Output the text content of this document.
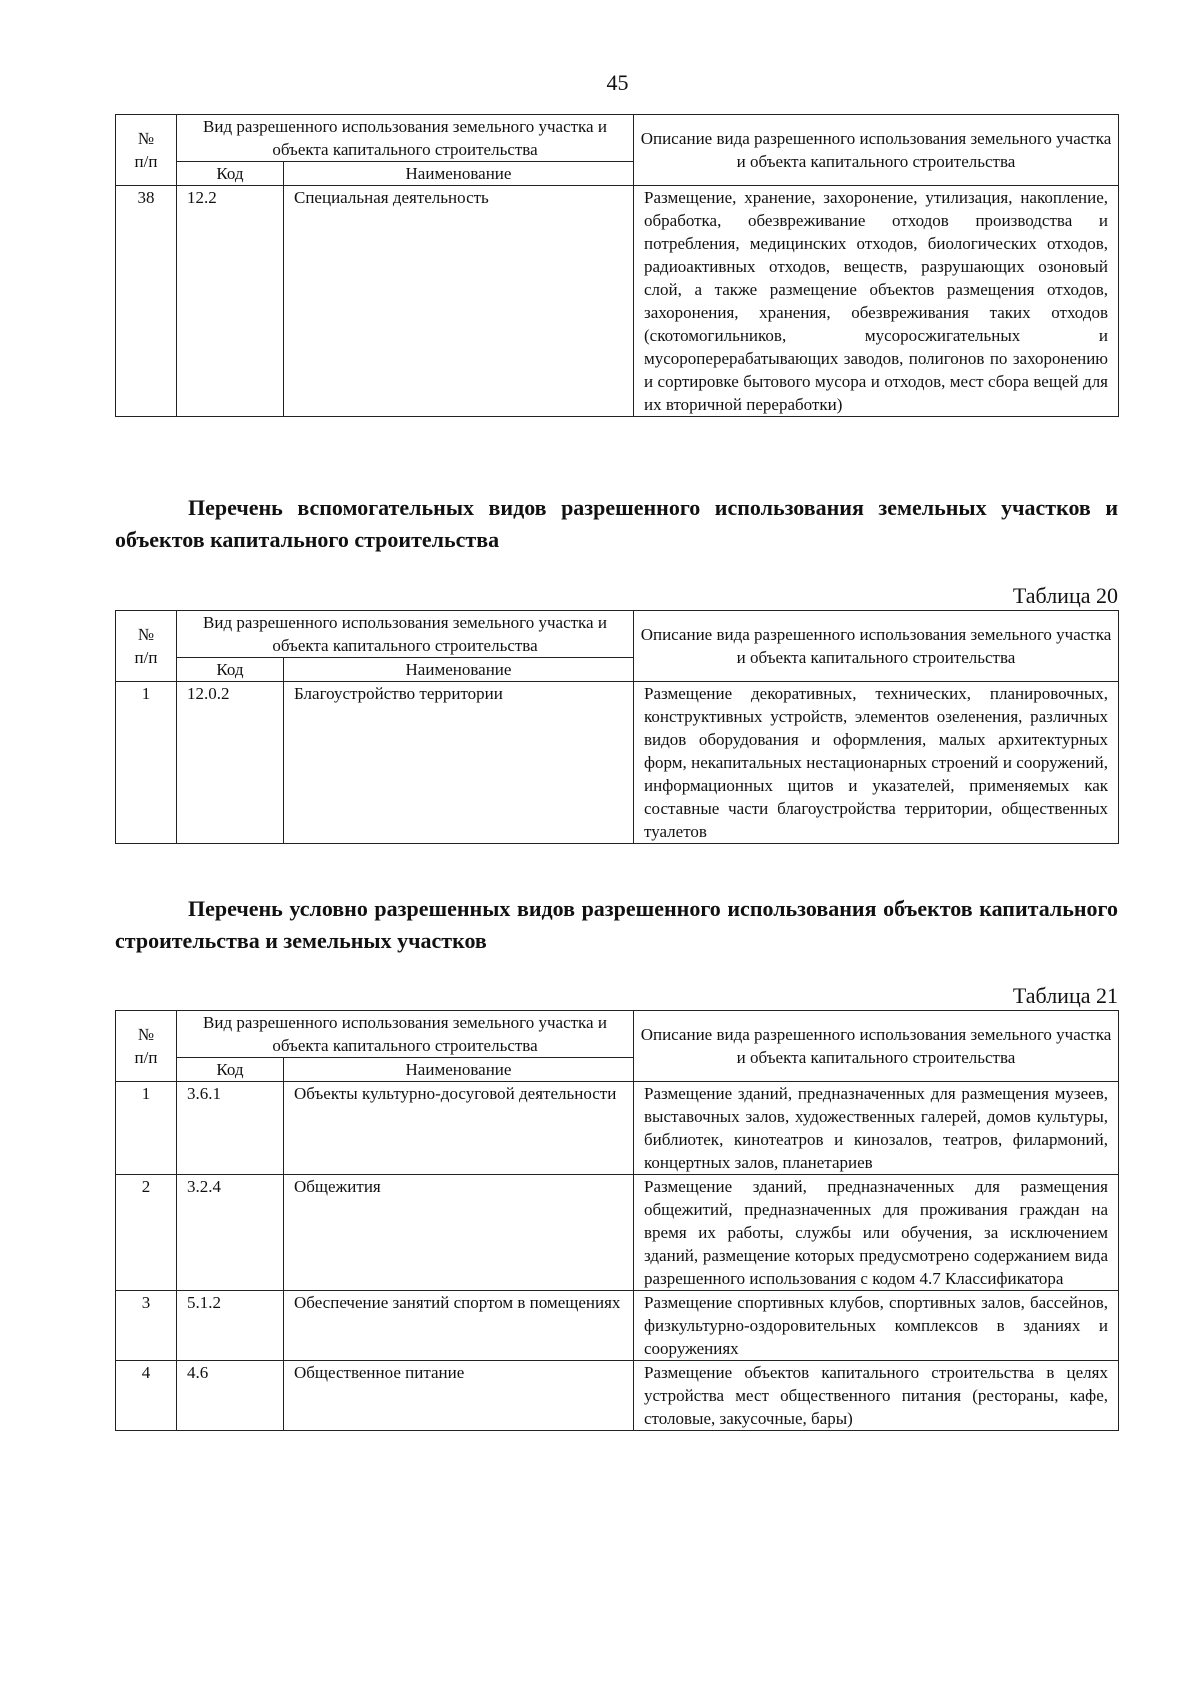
45
№
п/п	Вид разрешенного использования земельного участка и объекта капитального строительства		Описание вида разрешенного использования земельного участка и объекта капитального строительства
	Код	Наименование	
38	12.2	Специальная деятельность	Размещение, хранение, захоронение, утилизация, накопление, обработка, обезвреживание отходов производства и потребления, медицинских отходов, биологических отходов, радиоактивных отходов, веществ, разрушающих озоновый слой, а также размещение объектов размещения отходов, захоронения, хранения, обезвреживания таких отходов (скотомогильников, мусоросжигательных и мусороперерабатывающих заводов, полигонов по захоронению и сортировке бытового мусора и отходов, мест сбора вещей для их вторичной переработки)
Перечень вспомогательных видов разрешенного использования земельных участков и объектов капитального строительства
Таблица 20
№
п/п	Вид разрешенного использования земельного участка и объекта капитального строительства		Описание вида разрешенного использования земельного участка и объекта капитального строительства
	Код	Наименование	
1	12.0.2	Благоустройство территории	Размещение декоративных, технических, планировочных, конструктивных устройств, элементов озеленения, различных видов оборудования и оформления, малых архитектурных форм, некапитальных нестационарных строений и сооружений, информационных щитов и указателей, применяемых как составные части благоустройства территории, общественных туалетов
Перечень условно разрешенных видов разрешенного использования объектов капитального строительства и земельных участков
Таблица 21
№
п/п	Вид разрешенного использования земельного участка и объекта капитального строительства		Описание вида разрешенного использования земельного участка и объекта капитального строительства
	Код	Наименование	
1	3.6.1	Объекты культурно-досуговой деятельности	Размещение зданий, предназначенных для размещения музеев, выставочных залов, художественных галерей, домов культуры, библиотек, кинотеатров и кинозалов, театров, филармоний, концертных залов, планетариев
2	3.2.4	Общежития	Размещение зданий, предназначенных для размещения общежитий, предназначенных для проживания граждан на время их работы, службы или обучения, за исключением зданий, размещение которых предусмотрено содержанием вида разрешенного использования с кодом 4.7 Классификатора
3	5.1.2	Обеспечение занятий спортом в помещениях	Размещение спортивных клубов, спортивных залов, бассейнов, физкультурно-оздоровительных комплексов в зданиях и сооружениях
4	4.6	Общественное питание	Размещение объектов капитального строительства в целях устройства мест общественного питания (рестораны, кафе, столовые, закусочные, бары)
